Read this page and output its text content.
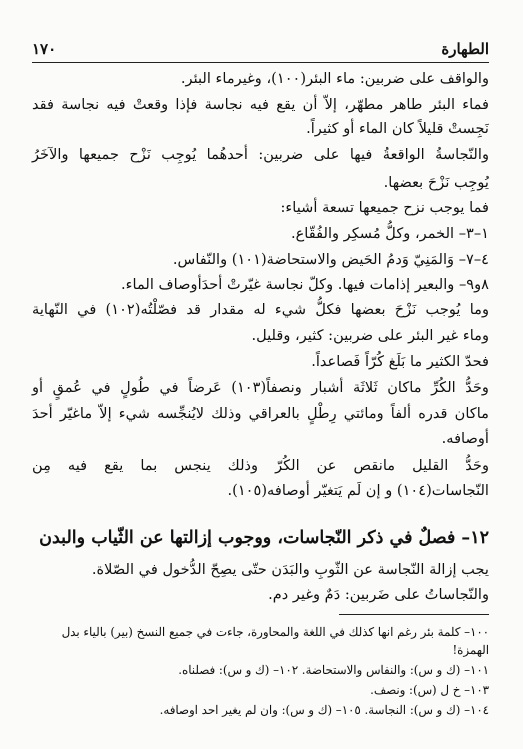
١٧٠	الطهارة

والواقف على ضربين: ماء البئر(١٠٠)، وغيرماء البئر.

فماء البئر طاهر مطهّر، إلاّ أن يقع فيه نجاسة فإذا وقعتْ فيه نجاسة فقد

نَجِستْ قليلاً كان الماء أو كثيراً.

والنّجاسةُ الواقعةُ فيها على ضربين: أحدهُما يُوجِب نَزْح جميعها والآخَرُ

يُوجِب نَزْحَ بعضها.

فما يوجب نزح جميعها تسعة أشياء:

١–٣– الخمر، وكلُّ مُسكِر والفُقّاع.

٤–٧– وَالمَنِيّ وَدمُ الحَيض والاستحاضة(١٠١) والنّفاس.

٨و٩– والبعير إذامات فيها. وكلّ نجاسة غيّرتْ أحدَأوصاف الماء.

وما يُوجب نَزْحَ بعضها فكلُّ شيء له مقدار قد فصّلْتُه(١٠٢) في النّهاية

وماء غير البئر على ضربين: كثير، وقليل.

فحدّ الكثير ما بَلَغ كُرّاً فَصاعداً.

وحَدُّ الكُرِّ ماكان ثَلاثَة أشبار ونصفاً(١٠٣) عَرضاً في طُولٍ في عُمقٍ أو

ماكان قدره ألفاً ومائتي رِطْلٍ بالعراقي وذلك لايُنجِّسه شيء إلاّ ماغيّر أحدَ

أوصافه.

وحَدُّ القليل مانقص عن الكُرّ وذلك ينجس بما يقع فيه مِن

النّجاسات(١٠٤) و إن لَم يَتغيّر أوصافه(١٠٥).

١٢– فصلٌ في ذكر النّجاسات، ووجوب إزالتها عن الثّياب والبدن

يجب إزالة النّجاسة عن الثّوبِ والبَدَن حتّى يصِحّ الدُّخول في الصّلاة.

والنّجاساتُ على ضَربين: دَمٌ وغير دم.

١٠٠– كلمة بئر رغم انها كذلك في اللغة والمحاورة، جاءت في جميع النسخ (بير) بالياء بدل

الهمزة!

١٠١– (ك و س): والنفاس والاستحاضة. ١٠٢– (ك و س): فصلناه.

١٠٣– خ ل (س): ونصف.

١٠٤– (ك و س): النجاسة. ١٠٥– (ك و س): وان لم يغير احد اوصافه.
